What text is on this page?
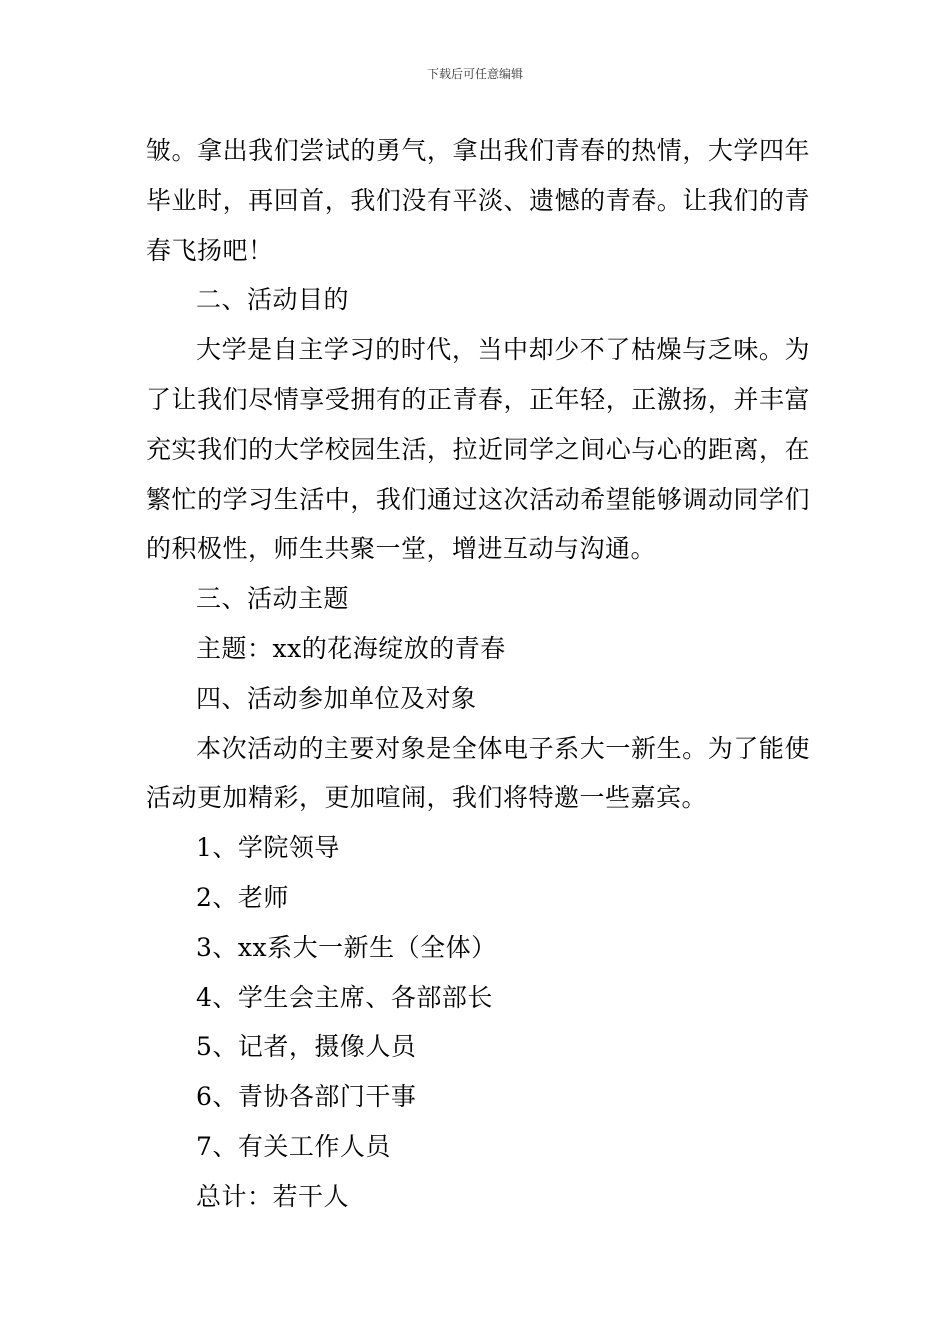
下载后可任意编辑

皱。拿出我们尝试的勇气，拿出我们青春的热情，大学四年毕业时，再回首，我们没有平淡、遗憾的青春。让我们的青春飞扬吧！

二、活动目的

大学是自主学习的时代，当中却少不了枯燥与乏味。为了让我们尽情享受拥有的正青春，正年轻，正激扬，并丰富充实我们的大学校园生活，拉近同学之间心与心的距离，在繁忙的学习生活中，我们通过这次活动希望能够调动同学们的积极性，师生共聚一堂，增进互动与沟通。

三、活动主题

主题：xx的花海绽放的青春

四、活动参加单位及对象

本次活动的主要对象是全体电子系大一新生。为了能使活动更加精彩，更加喧闹，我们将特邀一些嘉宾。

1、学院领导

2、老师

3、xx系大一新生（全体）

4、学生会主席、各部部长

5、记者，摄像人员

6、青协各部门干事

7、有关工作人员

总计：若干人
